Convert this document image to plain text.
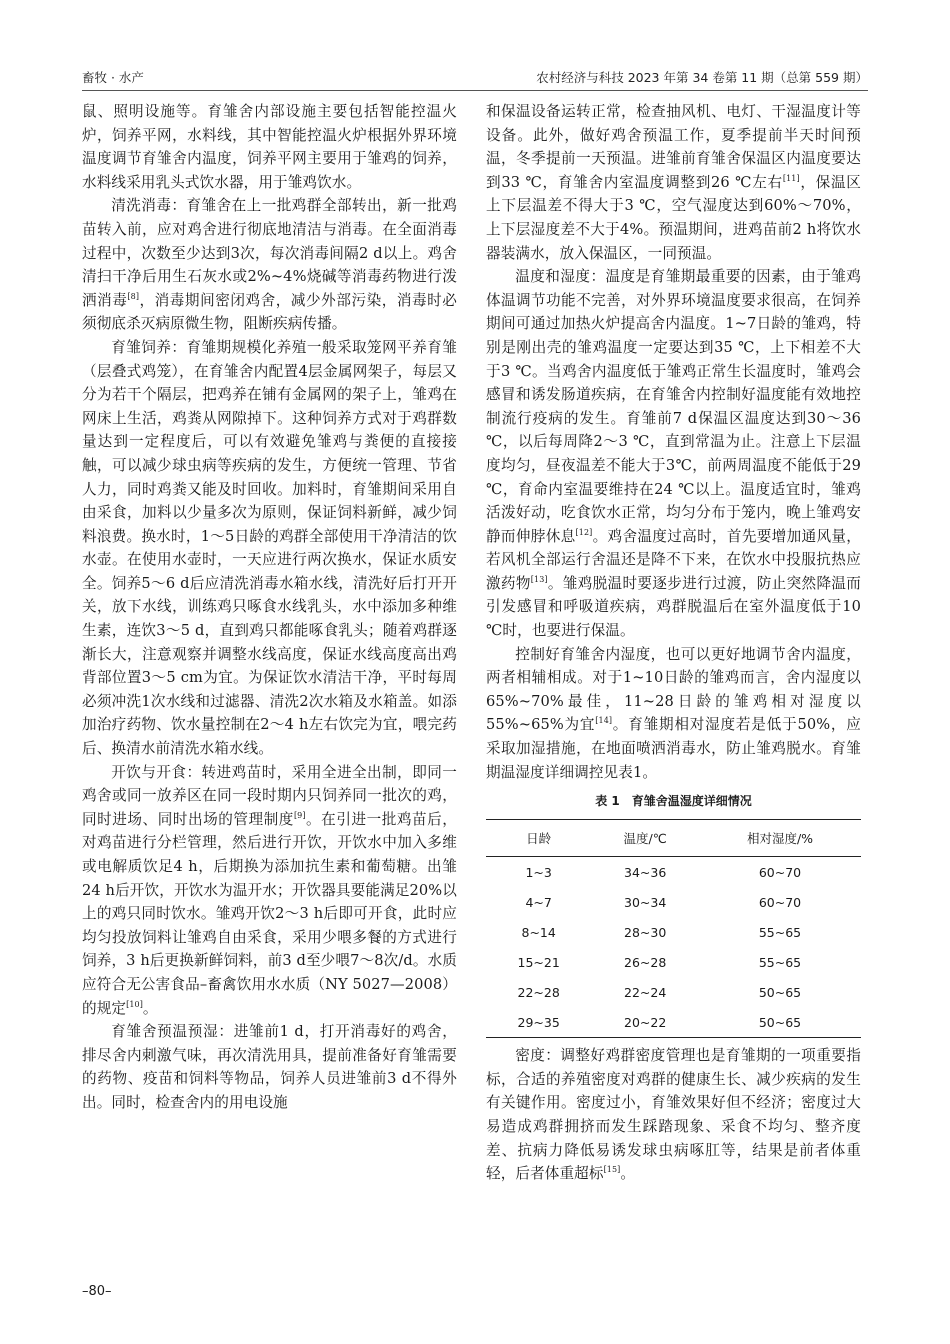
畜牧 · 水产	农村经济与科技 2023 年第 34 卷第 11 期（总第 559 期）

鼠、照明设施等。育雏舍内部设施主要包括智能控温火炉，饲养平网，水料线，其中智能控温火炉根据外界环境温度调节育雏舍内温度，饲养平网主要用于雏鸡的饲养，水料线采用乳头式饮水器，用于雏鸡饮水。

清洗消毒：育雏舍在上一批鸡群全部转出，新一批鸡苗转入前，应对鸡舍进行彻底地清洁与消毒。在全面消毒过程中，次数至少达到3次，每次消毒间隔2 d以上。鸡舍清扫干净后用生石灰水或2%~4%烧碱等消毒药物进行泼洒消毒[8]，消毒期间密闭鸡舍，减少外部污染，消毒时必须彻底杀灭病原微生物，阻断疾病传播。

育雏饲养：育雏期规模化养殖一般采取笼网平养育雏（层叠式鸡笼），在育雏舍内配置4层金属网架子，每层又分为若干个隔层，把鸡养在铺有金属网的架子上，雏鸡在网床上生活，鸡粪从网隙掉下。这种饲养方式对于鸡群数量达到一定程度后，可以有效避免雏鸡与粪便的直接接触，可以减少球虫病等疾病的发生，方便统一管理、节省人力，同时鸡粪又能及时回收。加料时，育雏期间采用自由采食，加料以少量多次为原则，保证饲料新鲜，减少饲料浪费。换水时，1～5日龄的鸡群全部使用干净清洁的饮水壶。在使用水壶时，一天应进行两次换水，保证水质安全。饲养5～6 d后应清洗消毒水箱水线，清洗好后打开开关，放下水线，训练鸡只啄食水线乳头，水中添加多种维生素，连饮3～5 d，直到鸡只都能啄食乳头；随着鸡群逐渐长大，注意观察并调整水线高度，保证水线高度高出鸡背部位置3～5 cm为宜。为保证饮水清洁干净，平时每周必须冲洗1次水线和过滤器、清洗2次水箱及水箱盖。如添加治疗药物、饮水量控制在2～4 h左右饮完为宜，喂完药后、换清水前清洗水箱水线。

开饮与开食：转进鸡苗时，采用全进全出制，即同一鸡舍或同一放养区在同一段时期内只饲养同一批次的鸡，同时进场、同时出场的管理制度[9]。在引进一批鸡苗后，对鸡苗进行分栏管理，然后进行开饮，开饮水中加入多维或电解质饮足4 h，后期换为添加抗生素和葡萄糖。出雏24 h后开饮，开饮水为温开水；开饮器具要能满足20%以上的鸡只同时饮水。雏鸡开饮2～3 h后即可开食，此时应均匀投放饲料让雏鸡自由采食，采用少喂多餐的方式进行饲养，3 h后更换新鲜饲料，前3 d至少喂7～8次/d。水质应符合无公害食品–畜禽饮用水水质（NY 5027—2008）的规定[10]。

育雏舍预温预湿：进雏前1 d，打开消毒好的鸡舍，排尽舍内刺激气味，再次清洗用具，提前准备好育雏需要的药物、疫苗和饲料等物品，饲养人员进雏前3 d不得外出。同时，检查舍内的用电设施

和保温设备运转正常，检查抽风机、电灯、干湿温度计等设备。此外，做好鸡舍预温工作，夏季提前半天时间预温，冬季提前一天预温。进雏前育雏舍保温区内温度要达到33 ℃，育雏舍内室温度调整到26 ℃左右[11]，保温区上下层温差不得大于3 ℃，空气湿度达到60%～70%，上下层湿度差不大于4%。预温期间，进鸡苗前2 h将饮水器装满水，放入保温区，一同预温。

温度和湿度：温度是育雏期最重要的因素，由于雏鸡体温调节功能不完善，对外界环境温度要求很高，在饲养期间可通过加热火炉提高舍内温度。1~7日龄的雏鸡，特别是刚出壳的雏鸡温度一定要达到35 ℃，上下相差不大于3 ℃。当鸡舍内温度低于雏鸡正常生长温度时，雏鸡会感冒和诱发肠道疾病，在育雏舍内控制好温度能有效地控制流行疫病的发生。育雏前7 d保温区温度达到30～36 ℃，以后每周降2～3 ℃，直到常温为止。注意上下层温度均匀，昼夜温差不能大于3℃，前两周温度不能低于29 ℃，育命内室温要维持在24 ℃以上。温度适宜时，雏鸡活泼好动，吃食饮水正常，均匀分布于笼内，晚上雏鸡安静而伸脖休息[12]。鸡舍温度过高时，首先要增加通风量，若风机全部运行舍温还是降不下来，在饮水中投服抗热应激药物[13]。雏鸡脱温时要逐步进行过渡，防止突然降温而引发感冒和呼吸道疾病，鸡群脱温后在室外温度低于10 ℃时，也要进行保温。

控制好育雏舍内湿度，也可以更好地调节舍内温度，两者相辅相成。对于1~10日龄的雏鸡而言，舍内湿度以65%~70%最佳，11~28日龄的雏鸡相对湿度以55%~65%为宜[14]。育雏期相对湿度若是低于50%，应采取加湿措施，在地面喷洒消毒水，防止雏鸡脱水。育雏期温湿度详细调控见表1。

表 1　育雏舍温湿度详细情况
日龄	温度/℃	相对湿度/%
1~3	34~36	60~70
4~7	30~34	60~70
8~14	28~30	55~65
15~21	26~28	55~65
22~28	22~24	50~65
29~35	20~22	50~65

密度：调整好鸡群密度管理也是育雏期的一项重要指标，合适的养殖密度对鸡群的健康生长、减少疾病的发生有关键作用。密度过小，育雏效果好但不经济；密度过大易造成鸡群拥挤而发生踩踏现象、采食不均匀、整齐度差、抗病力降低易诱发球虫病啄肛等，结果是前者体重轻，后者体重超标[15]。

–80–
